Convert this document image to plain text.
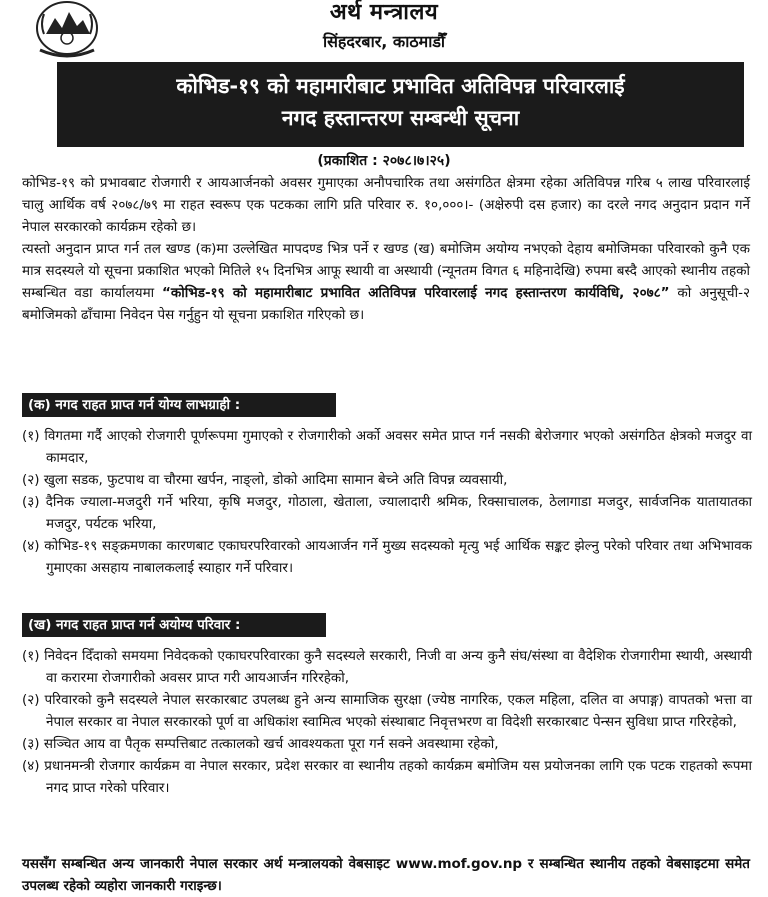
अर्थ मन्त्रालय
सिंहदरबार, काठमाडौँ
कोभिड-१९ को महामारीबाट प्रभावित अतिविपन्न परिवारलाई
नगद हस्तान्तरण सम्बन्धी सूचना
(प्रकाशित : २०७८।७।२५)
कोभिड-१९ को प्रभावबाट रोजगारी र आयआर्जनको अवसर गुमाएका अनौपचारिक तथा असंगठित क्षेत्रमा रहेका अतिविपन्न गरिब ५ लाख परिवारलाई चालु आर्थिक वर्ष २०७८/७९ मा राहत स्वरूप एक पटकका लागि प्रति परिवार रु. १०,०००।- (अक्षेरुपी दस हजार) का दरले नगद अनुदान प्रदान गर्ने नेपाल सरकारको कार्यक्रम रहेको छ।
त्यस्तो अनुदान प्राप्त गर्न तल खण्ड (क)मा उल्लेखित मापदण्ड भित्र पर्ने र खण्ड (ख) बमोजिम अयोग्य नभएको देहाय बमोजिमका परिवारको कुनै एक मात्र सदस्यले यो सूचना प्रकाशित भएको मितिले १५ दिनभित्र आफू स्थायी वा अस्थायी (न्यूनतम विगत ६ महिनादेखि) रुपमा बस्दै आएको स्थानीय तहको सम्बन्धित वडा कार्यालयमा “कोभिड-१९ को महामारीबाट प्रभावित अतिविपन्न परिवारलाई नगद हस्तान्तरण कार्यविधि, २०७८” को अनुसूची-२ बमोजिमको ढाँचामा निवेदन पेस गर्नुहुन यो सूचना प्रकाशित गरिएको छ।
(क) नगद राहत प्राप्त गर्न योग्य लाभग्राही :
(१) विगतमा गर्दै आएको रोजगारी पूर्णरूपमा गुमाएको र रोजगारीको अर्को अवसर समेत प्राप्त गर्न नसकी बेरोजगार भएको असंगठित क्षेत्रको मजदुर वा कामदार,
(२) खुला सडक, फुटपाथ वा चौरमा खर्पन, नाङ्लो, डोको आदिमा सामान बेच्ने अति विपन्न व्यवसायी,
(३) दैनिक ज्याला-मजदुरी गर्ने भरिया, कृषि मजदुर, गोठाला, खेताला, ज्यालादारी श्रमिक, रिक्साचालक, ठेलागाडा मजदुर, सार्वजनिक यातायातका मजदुर, पर्यटक भरिया,
(४) कोभिड-१९ सङ्क्रमणका कारणबाट एकाघरपरिवारको आयआर्जन गर्ने मुख्य सदस्यको मृत्यु भई आर्थिक सङ्कट झेल्नु परेको परिवार तथा अभिभावक गुमाएका असहाय नाबालकलाई स्याहार गर्ने परिवार।
(ख) नगद राहत प्राप्त गर्न अयोग्य परिवार :
(१) निवेदन दिँदाको समयमा निवेदकको एकाघरपरिवारका कुनै सदस्यले सरकारी, निजी वा अन्य कुनै संघ/संस्था वा वैदेशिक रोजगारीमा स्थायी, अस्थायी वा करारमा रोजगारीको अवसर प्राप्त गरी आयआर्जन गरिरहेको,
(२) परिवारको कुनै सदस्यले नेपाल सरकारबाट उपलब्ध हुने अन्य सामाजिक सुरक्षा (ज्येष्ठ नागरिक, एकल महिला, दलित वा अपाङ्ग) वापतको भत्ता वा नेपाल सरकार वा नेपाल सरकारको पूर्ण वा अधिकांश स्वामित्व भएको संस्थाबाट निवृत्तभरण वा विदेशी सरकारबाट पेन्सन सुविधा प्राप्त गरिरहेको,
(३) सञ्चित आय वा पैतृक सम्पत्तिबाट तत्कालको खर्च आवश्यकता पूरा गर्न सक्ने अवस्थामा रहेको,
(४) प्रधानमन्त्री रोजगार कार्यक्रम वा नेपाल सरकार, प्रदेश सरकार वा स्थानीय तहको कार्यक्रम बमोजिम यस प्रयोजनका लागि एक पटक राहतको रूपमा नगद प्राप्त गरेको परिवार।
यससँग सम्बन्धित अन्य जानकारी नेपाल सरकार अर्थ मन्त्रालयको वेबसाइट www.mof.gov.np र सम्बन्धित स्थानीय तहको वेबसाइटमा समेत उपलब्ध रहेको व्यहोरा जानकारी गराइन्छ।
